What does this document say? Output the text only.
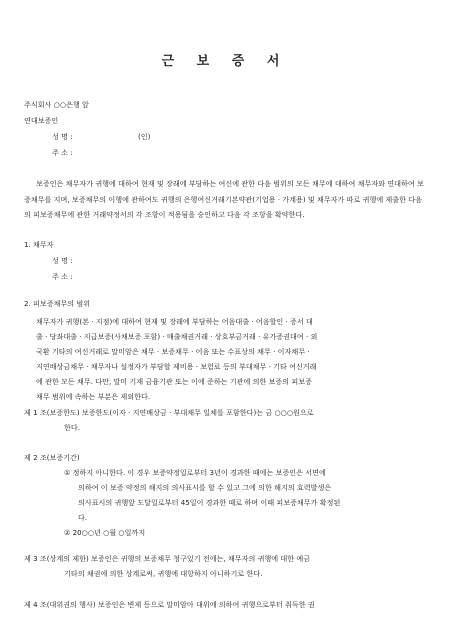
근 보 증 서
주식회사 ○○은행 앞
연대보증인
성 명 :	(인)
주 소 :
보증인은 채무자가 귀행에 대하여 현재 및 장래에 부담하는 여신에 관한 다음 범위의 모든 채무에 대하여 채무자와 연대하여 보증채무를 지며, 보증채무의 이행에 관하여도 귀행의 은행여신거래기본약관(기업용 · 가계용) 및 채무자가 따로 귀행에 제출한 다음의 피보증채무에 관한 거래약정서의 각 조항이 적용됨을 승인하고 다음 각 조항을 확약한다.
1. 채무자
성 명 :
주 소 :
2. 피보증채무의 범위
채무자가 귀행(본 · 지점)에 대하여 현재 및 장래에 부담하는 어음대출 · 어음할인 · 증서 대
출 · 당좌대출 · 지급보증(사채보증 포함) · 매출채권거래 · 상호부금거래 · 유가증권대여 · 외
국환 기타의 여신거래로 말미암은 채무 · 보증채무 · 어음 또는 수표상의 채무 · 이자채무 ·
지연배상금채무 · 채무자나 설정자가 부담할 제비용 · 보험료 등의 부대채무 · 기타 여신거래
에 관한 모든 채무. 다만, 말미 기재 금융기관 또는 이에 준하는 기관에 의한 보증의 피보증
채무 범위에 속하는 부분은 제외한다.
제 1 조(보증한도) 보증한도(이자 · 지연배상금 · 부대채무 일체를 포함한다)는 금 ○○○원으로
한다.
제 2 조(보증기간)
① 정하지 아니한다. 이 경우 보증약정일로부터 3년이 경과한 때에는 보증인은 서면에
의하여 이 보증 약정의 해지의 의사표시를 할 수 있고 그에 의한 해지의 효력발생은
의사표시의 귀행앞 도달일로부터 45일이 경과한 때로 하며 이때 피보증채무가 확정된
다.
② 20○○년 ○월 ○일까지
제 3 조(상계의 제한) 보증인은 귀행의 보증채무 청구있기 전에는, 채무자의 귀행에 대한 예금
기타의 채권에 의한 상계로써, 귀행에 대항하지 아니하기로 한다.
제 4 조(대위권의 행사) 보증인은 변제 등으로 말미암아 대위에 의하여 귀행으로부터 취득한 권
